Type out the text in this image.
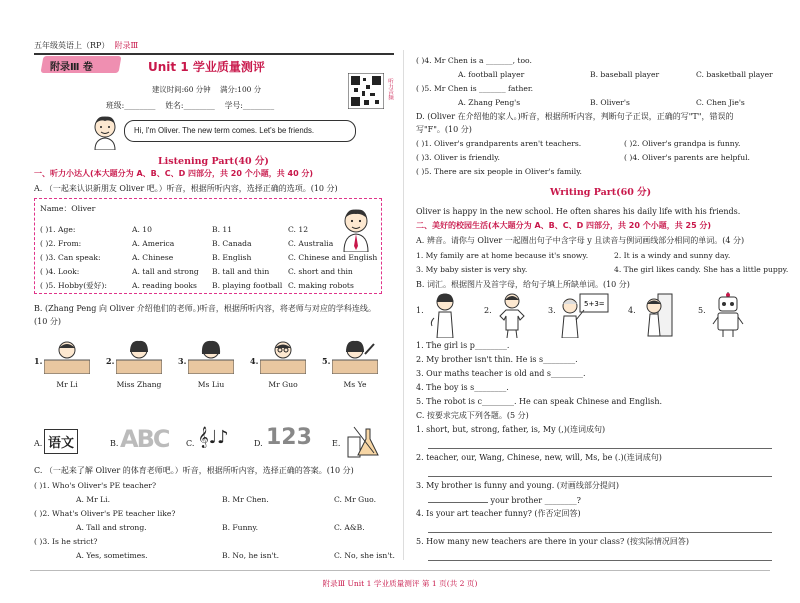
五年级英语上（RP） 附录Ⅲ
附录Ⅲ 卷	Unit 1 学业质量测评
建议时间:60 分钟 满分:100 分
班级:________ 姓名:________ 学号:________
听力音频
Hi, I'm Oliver. The new term comes. Let's be friends.
Listening Part(40 分)
一、听力小达人(本大题分为 A、B、C、D 四部分，共 20 个小题，共 40 分)
A. （一起来认识新朋友 Oliver 吧。）听音，根据所听内容，选择正确的选项。(10 分)
Name：Oliver
( )1. Age:	A. 10	B. 11	C. 12
( )2. From:	A. America	B. Canada	C. Australia
( )3. Can speak:	A. Chinese	B. English	C. Chinese and English
( )4. Look:	A. tall and strong B. tall and thin C. short and thin
( )5. Hobby(爱好):	A. reading books B. playing football C. making robots
B. (Zhang Peng 向 Oliver 介绍他们的老师。)听音，根据所听内容，将老师与对应的学科连线。
(10 分)
1.
Mr Li
2.
Miss Zhang
3.
Ms Liu
4.
Mr Guo
5.
Ms Ye
A. 语文	B. ABC C. 𝄞♩♪	D. 123	E.
C. （一起来了解 Oliver 的体育老师吧。）听音，根据所听内容，选择正确的答案。(10 分)
( )1. Who's Oliver's PE teacher?
A. Mr Li.	B. Mr Chen.	C. Mr Guo.
( )2. What's Oliver's PE teacher like?
A. Tall and strong.	B. Funny.	C. A&B.
( )3. Is he strict?
A. Yes, sometimes.	B. No, he isn't.	C. No, she isn't.
( )4. Mr Chen is a _______, too.
A. football player	B. baseball player	C. basketball player
( )5. Mr Chen is _______ father.
A. Zhang Peng's	B. Oliver's	C. Chen Jie's
D. (Oliver 在介绍他的家人。)听音，根据所听内容，判断句子正误，正确的写"T"，错误的
写"F"。(10 分)
( )1. Oliver's grandparents aren't teachers.	( )2. Oliver's grandpa is funny.
( )3. Oliver is friendly.	( )4. Oliver's parents are helpful.
( )5. There are six people in Oliver's family.
Writing Part(60 分)
Oliver is happy in the new school. He often shares his daily life with his friends.
二、美好的校园生活(本大题分为 A、B、C、D 四部分，共 20 个小题，共 25 分)
A. 辨音。请你与 Oliver 一起圈出句子中含字母 y 且读音与例词画线部分相同的单词。(4 分)
1. My family are at home because it's snowy.	2. It is a windy and sunny day.
3. My baby sister is very shy.	4. The girl likes candy. She has a little puppy.
B. 词汇。根据图片及首字母，给句子填上所缺单词。(10 分)
1.	2.	3.
5+3=
4.	5.
1. The girl is p________.
2. My brother isn't thin. He is s________.
3. Our maths teacher is old and s________.
4. The boy is s________.
5. The robot is c________. He can speak Chinese and English.
C. 按要求完成下列各题。(5 分)
1. short, but, strong, father, is, My (,)(连词成句)
2. teacher, our, Wang, Chinese, new, will, Ms, be (.)(连词成句)
3. My brother is funny and young. (对画线部分提问)
your brother ________?
4. Is your art teacher funny? (作否定回答)
5. How many new teachers are there in your class? (按实际情况回答)
附录Ⅲ Unit 1 学业质量测评 第 1 页(共 2 页)
